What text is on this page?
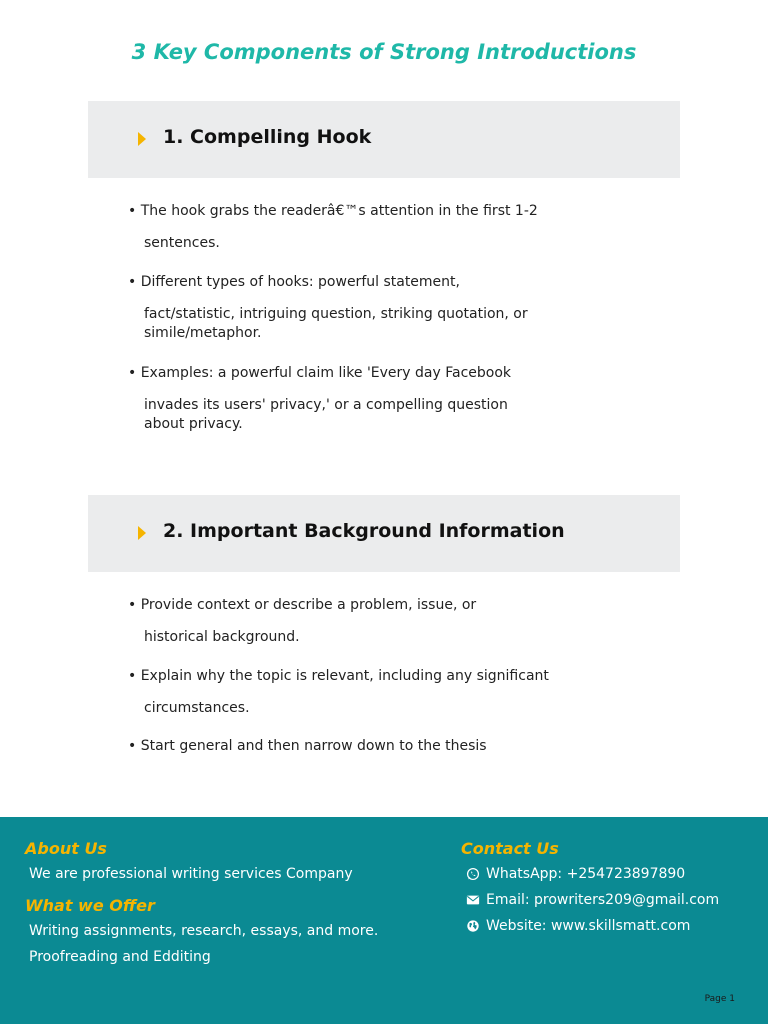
3 Key Components of Strong Introductions
1. Compelling Hook
• The hook grabs the readerâ€™s attention in the first 1-2
sentences.
• Different types of hooks: powerful statement,
fact/statistic, intriguing question, striking quotation, or simile/metaphor.
• Examples: a powerful claim like 'Every day Facebook
invades its users' privacy,' or a compelling question about privacy.
2. Important Background Information
• Provide context or describe a problem, issue, or
historical background.
• Explain why the topic is relevant, including any significant
circumstances.
• Start general and then narrow down to the thesis
About Us
We are professional writing services Company
What we Offer
Writing assignments, research, essays, and more.
Proofreading and Edditing
Contact Us
WhatsApp: +254723897890
Email: prowriters209@gmail.com
Website: www.skillsmatt.com
Page 1
